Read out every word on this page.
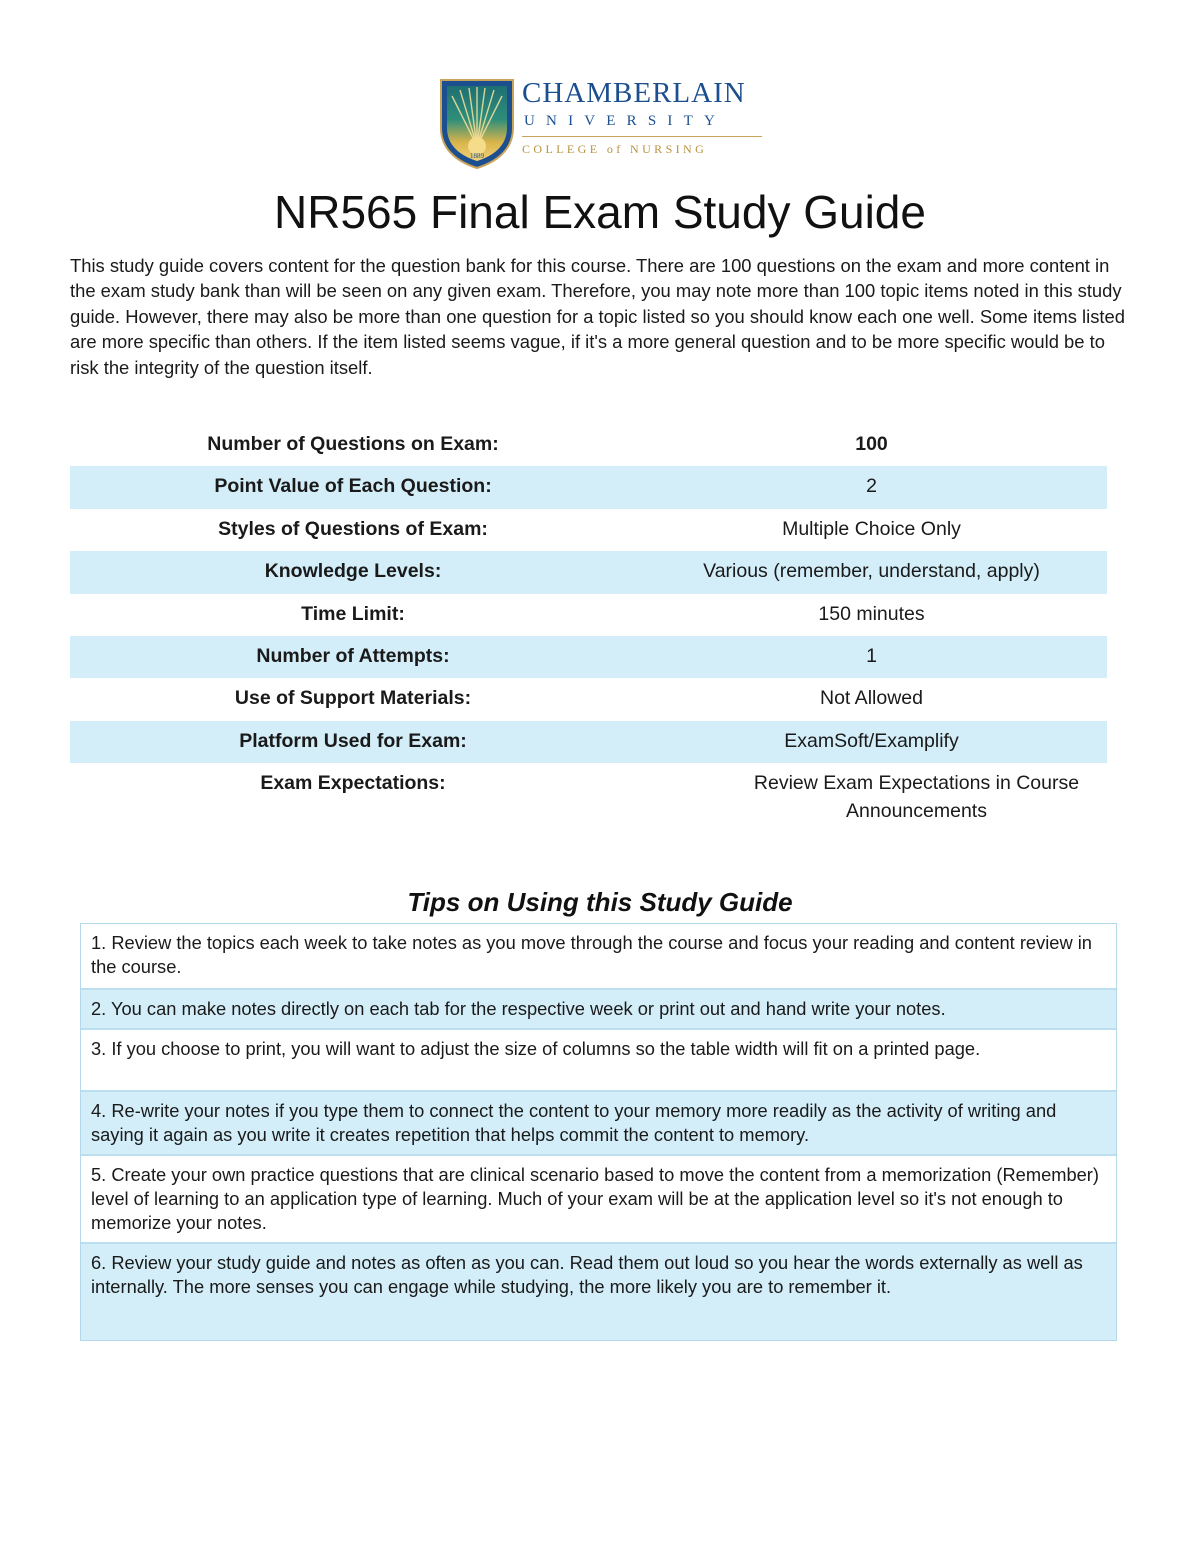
1889
CHAMBERLAIN
UNIVERSITY
COLLEGE of NURSING
NR565 Final Exam Study Guide
This study guide covers content for the question bank for this course. There are 100 questions on the exam and more content in the exam study bank than will be seen on any given exam. Therefore, you may note more than 100 topic items noted in this study guide. However, there may also be more than one question for a topic listed so you should know each one well. Some items listed are more specific than others. If the item listed seems vague, if it's a more general question and to be more specific would be to risk the integrity of the question itself.
Number of Questions on Exam:	100
Point Value of Each Question:	2
Styles of Questions of Exam:	Multiple Choice Only
Knowledge Levels:	Various (remember, understand, apply)
Time Limit:	150 minutes
Number of Attempts:	1
Use of Support Materials:	Not Allowed
Platform Used for Exam:	ExamSoft/Examplify
Exam Expectations:	Review Exam Expectations in Course Announcements
Tips on Using this Study Guide
1. Review the topics each week to take notes as you move through the course and focus your reading and content review in the course.
2. You can make notes directly on each tab for the respective week or print out and hand write your notes.
3. If you choose to print, you will want to adjust the size of columns so the table width will fit on a printed page.
4. Re-write your notes if you type them to connect the content to your memory more readily as the activity of writing and saying it again as you write it creates repetition that helps commit the content to memory.
5. Create your own practice questions that are clinical scenario based to move the content from a memorization (Remember) level of learning to an application type of learning. Much of your exam will be at the application level so it's not enough to memorize your notes.
6. Review your study guide and notes as often as you can. Read them out loud so you hear the words externally as well as internally. The more senses you can engage while studying, the more likely you are to remember it.
